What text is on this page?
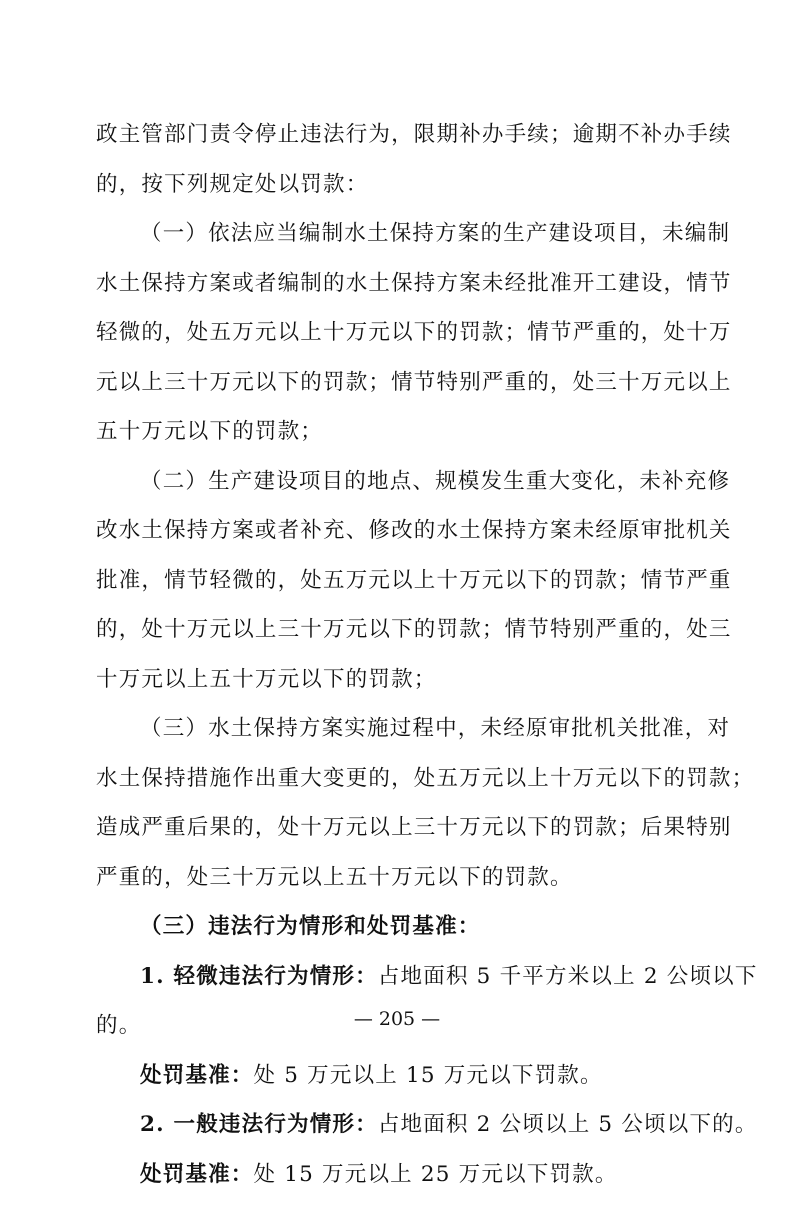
政主管部门责令停止违法行为，限期补办手续；逾期不补办手续
的，按下列规定处以罚款：
（一）依法应当编制水土保持方案的生产建设项目，未编制
水土保持方案或者编制的水土保持方案未经批准开工建设，情节
轻微的，处五万元以上十万元以下的罚款；情节严重的，处十万
元以上三十万元以下的罚款；情节特别严重的，处三十万元以上
五十万元以下的罚款；
（二）生产建设项目的地点、规模发生重大变化，未补充修
改水土保持方案或者补充、修改的水土保持方案未经原审批机关
批准，情节轻微的，处五万元以上十万元以下的罚款；情节严重
的，处十万元以上三十万元以下的罚款；情节特别严重的，处三
十万元以上五十万元以下的罚款；
（三）水土保持方案实施过程中，未经原审批机关批准，对
水土保持措施作出重大变更的，处五万元以上十万元以下的罚款；
造成严重后果的，处十万元以上三十万元以下的罚款；后果特别
严重的，处三十万元以上五十万元以下的罚款。
（三）违法行为情形和处罚基准：
1. 轻微违法行为情形：占地面积 5 千平方米以上 2 公顷以下
的。
处罚基准：处 5 万元以上 15 万元以下罚款。
2. 一般违法行为情形：占地面积 2 公顷以上 5 公顷以下的。
处罚基准：处 15 万元以上 25 万元以下罚款。
— 205 —
